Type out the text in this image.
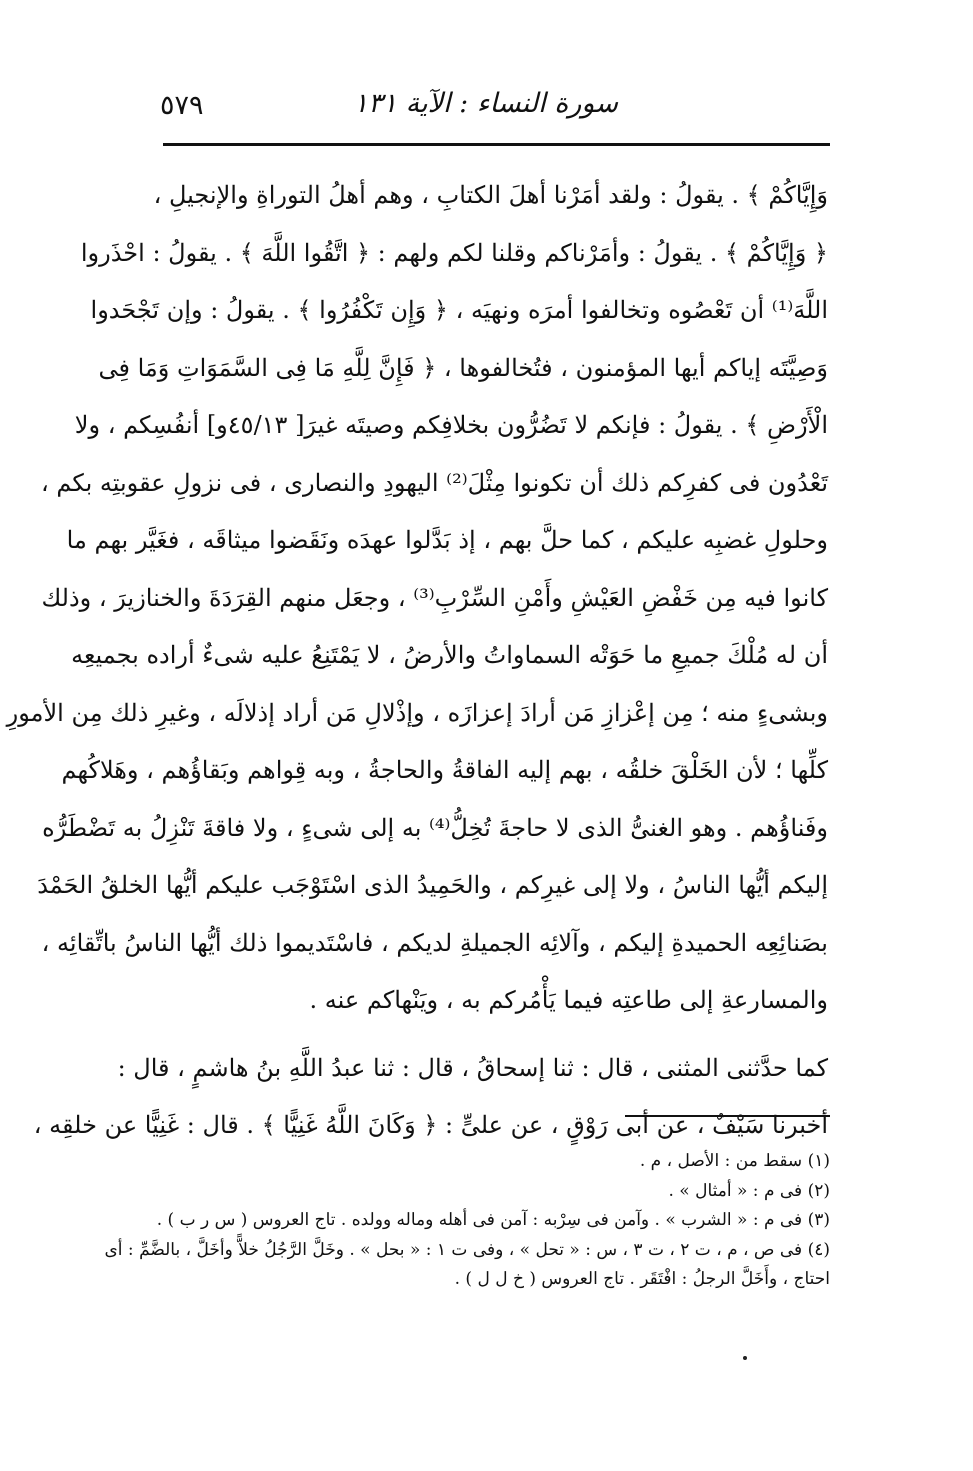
سورة النساء : الآية ١٣١
٥٧٩
وَإِيَّاكُمْ ﴾ . يقولُ : ولقد أمَرْنا أهلَ الكتابِ ، وهم أهلُ التوراةِ والإنجيلِ ،
﴿ وَإِيَّاكُمْ ﴾ . يقولُ : وأمَرْناكم وقلنا لكم ولهم : ﴿ اتَّقُوا اللَّهَ ﴾ . يقولُ : احْذَروا
اللَّهَ⁽¹⁾ أن تَعْصُوه وتخالفوا أمرَه ونهيَه ، ﴿ وَإِن تَكْفُرُوا ﴾ . يقولُ : وإن تَجْحَدوا
وَصِيَّتَه إياكم أيها المؤمنون ، فتُخالفوها ، ﴿ فَإِنَّ لِلَّهِ مَا فِى السَّمَوَاتِ وَمَا فِى
الْأَرْضِ ﴾ . يقولُ : فإنكم لا تَضُرُّون بخلافِكم وصيتَه غيرَ[ ٤٥/١٣و] أنفُسِكم ، ولا
تَعْدُون فى كفرِكم ذلك أن تكونوا مِثْلَ⁽²⁾ اليهودِ والنصارى ، فى نزولِ عقوبتِه بكم ،
وحلولِ غضبِه عليكم ، كما حلَّ بهم ، إذ بَدَّلوا عهدَه ونَقَضوا ميثاقَه ، فغَيَّر بهم ما
كانوا فيه مِن خَفْضِ العَيْشِ وأَمْنِ السِّرْبِ⁽³⁾ ، وجعَل منهم القِرَدَةَ والخنازيرَ ، وذلك
أن له مُلْكَ جميعِ ما حَوَتْه السماواتُ والأرضُ ، لا يَمْتَنِعُ عليه شىءٌ أراده بجميعِه
وبشىءٍ منه ؛ مِن إعْزازِ مَن أرادَ إعزازَه ، وإذْلالِ مَن أراد إذلالَه ، وغيرِ ذلك مِن الأمورِ
كلِّها ؛ لأن الخَلْقَ خلقُه ، بهم إليه الفاقةُ والحاجةُ ، وبه قِواهم وبَقاؤُهم ، وهَلاكُهم
وفَناؤُهم . وهو الغنىُّ الذى لا حاجةَ تُخِلُّ⁽⁴⁾ به إلى شىءٍ ، ولا فاقةَ تَنْزِلُ به تَضْطَرُّه
إليكم أيُّها الناسُ ، ولا إلى غيرِكم ، والحَمِيدُ الذى اسْتَوْجَب عليكم أيُّها الخلقُ الحَمْدَ
بصَنائِعِه الحميدةِ إليكم ، وآلائِه الجميلةِ لديكم ، فاسْتَديموا ذلك أيُّها الناسُ باتِّقائِه ،
والمسارعةِ إلى طاعتِه فيما يَأْمُركم به ، ويَنْهاكم عنه .
كما حدَّثنى المثنى ، قال : ثنا إسحاقُ ، قال : ثنا عبدُ اللَّهِ بنُ هاشمٍ ، قال :
أخبرنا سَيْفٌ ، عن أبى رَوْقٍ ، عن علىٍّ : ﴿ وَكَانَ اللَّهُ غَنِيًّا ﴾ . قال : غَنِيًّا عن خلقِه ،
(١) سقط من : الأصل ، م .
(٢) فى م : « أمثال » .
(٣) فى م : « الشرب » . وآمن فى سِرْبه : آمن فى أهله وماله وولده . تاج العروس ( س ر ب ) .
(٤) فى ص ، م ، ت ٢ ، ت ٣ ، س : « تحل » ، وفى ت ١ : « بحل » . وخَلَّ الرَّجُلُ خلاًّ وأخَلَّ ، بالضَّمِّ : أى
احتاج ، وأَخَلَّ الرجلُ : افْتَقَر . تاج العروس ( خ ل ل ) .
